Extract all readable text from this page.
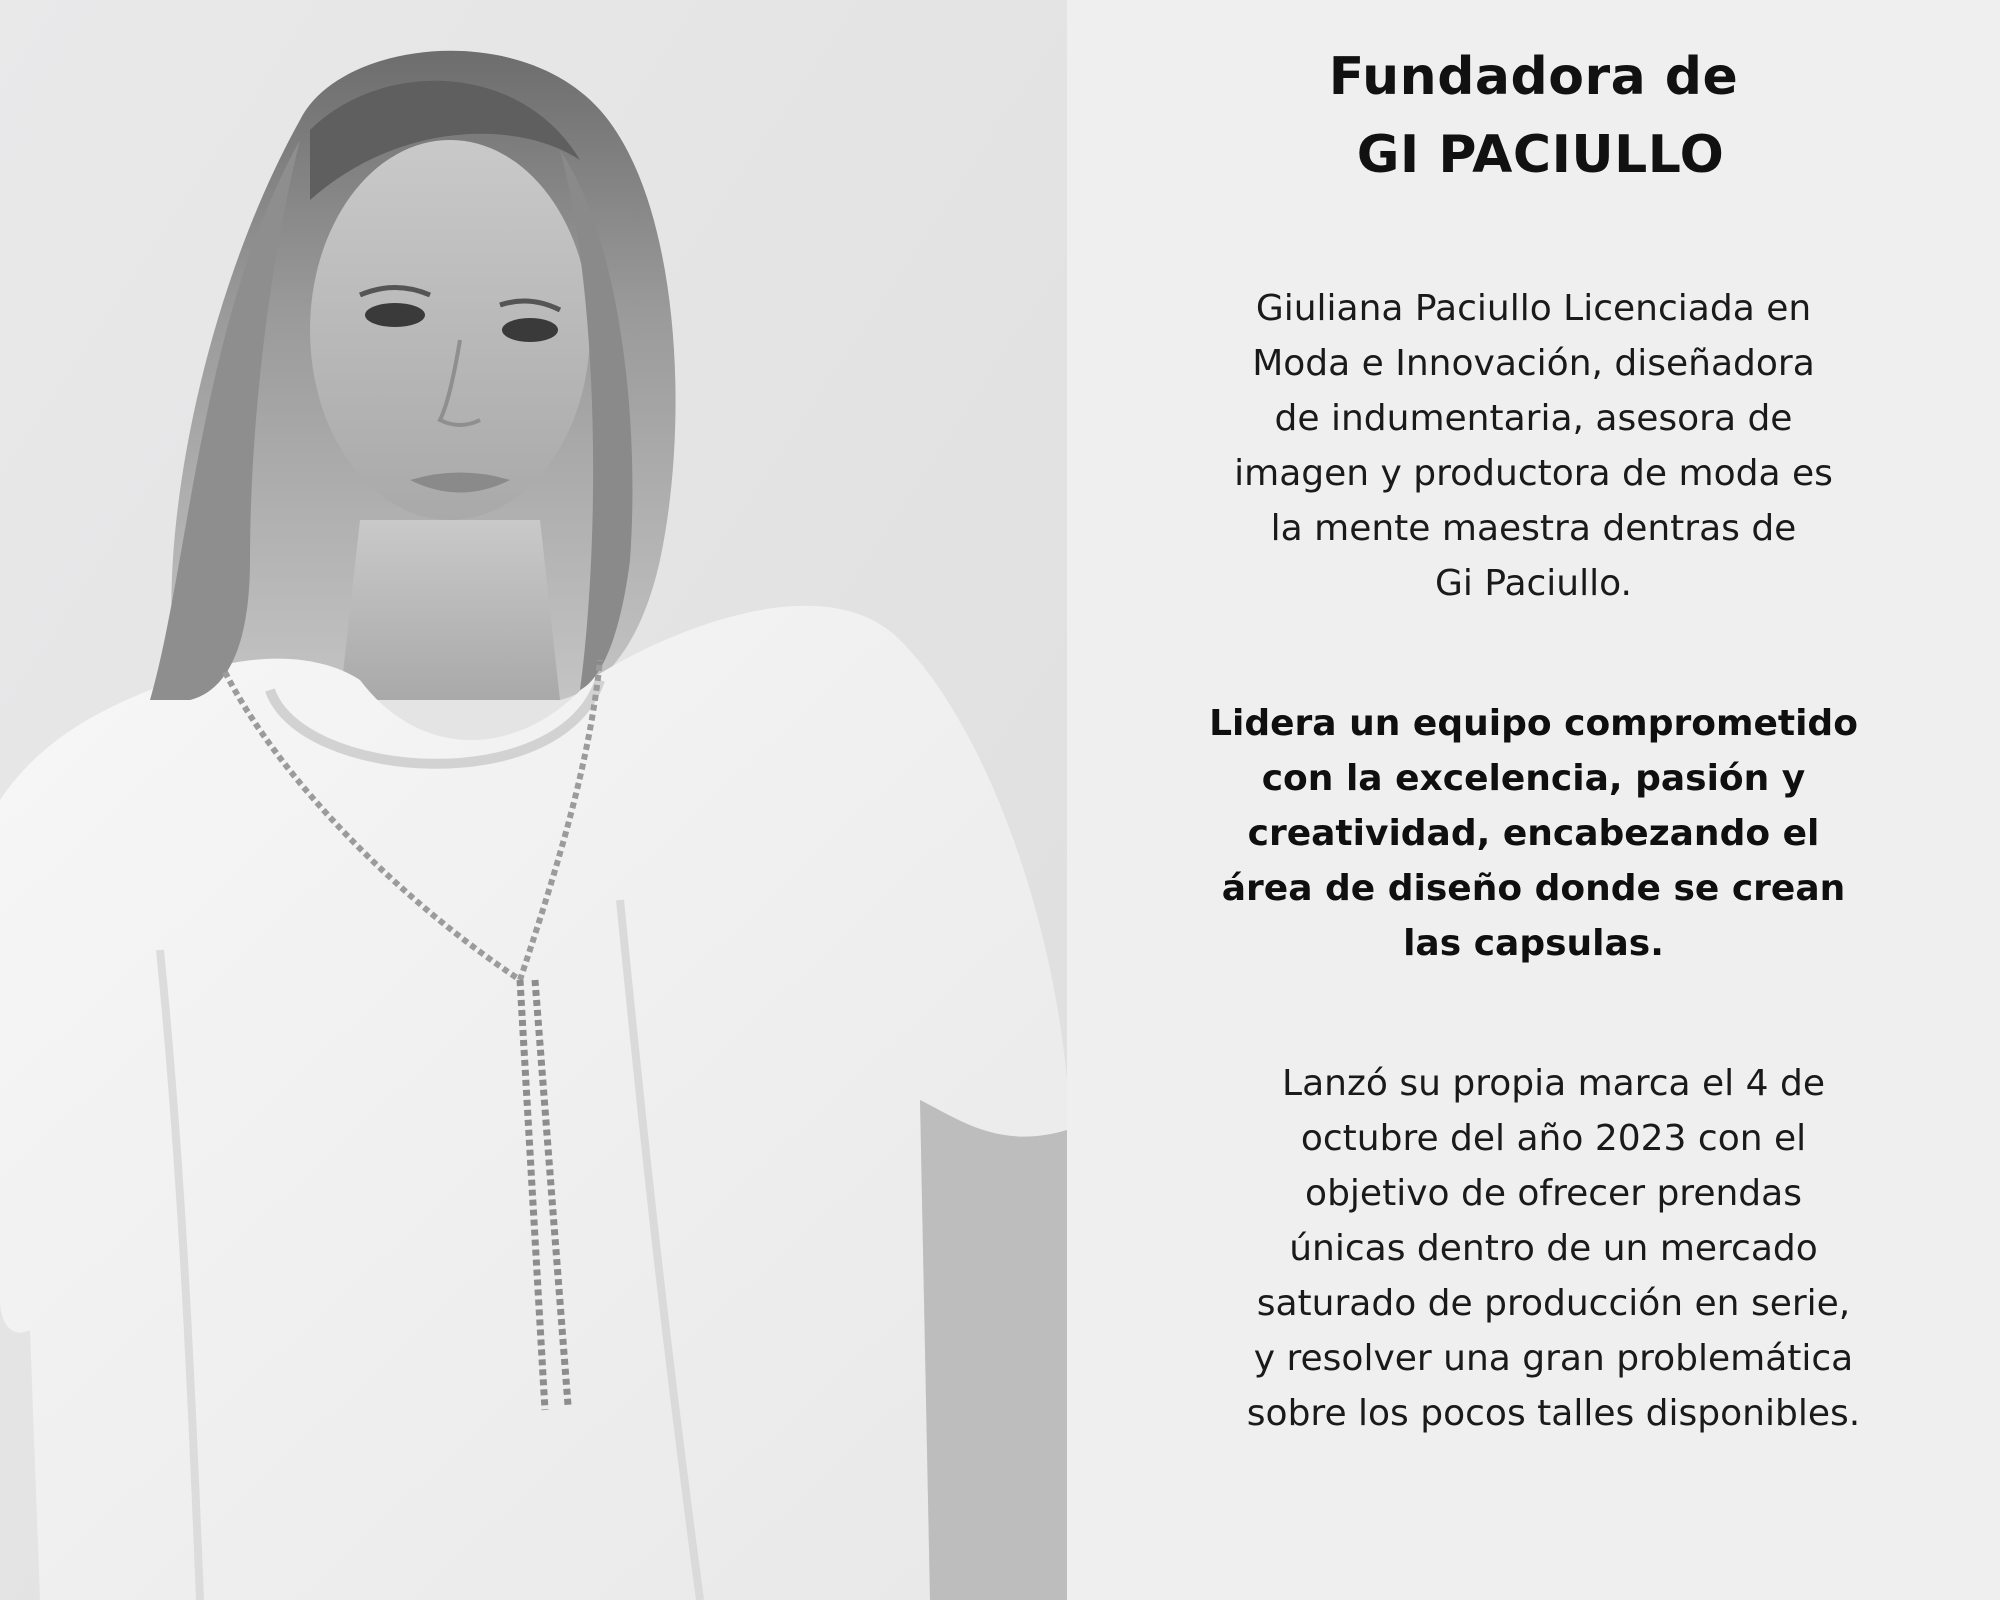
Fundadora de
GI PACIULLO

Giuliana Paciullo Licenciada en
Moda e Innovación, diseñadora
de indumentaria, asesora de
imagen y productora de moda es
la mente maestra dentras de
Gi Paciullo.

Lidera un equipo comprometido
con la excelencia, pasión y
creatividad, encabezando el
área de diseño donde se crean
las capsulas.

Lanzó su propia marca el 4 de
octubre del año 2023 con el
objetivo de ofrecer prendas
únicas dentro de un mercado
saturado de producción en serie,
y resolver una gran problemática
sobre los pocos talles disponibles.
